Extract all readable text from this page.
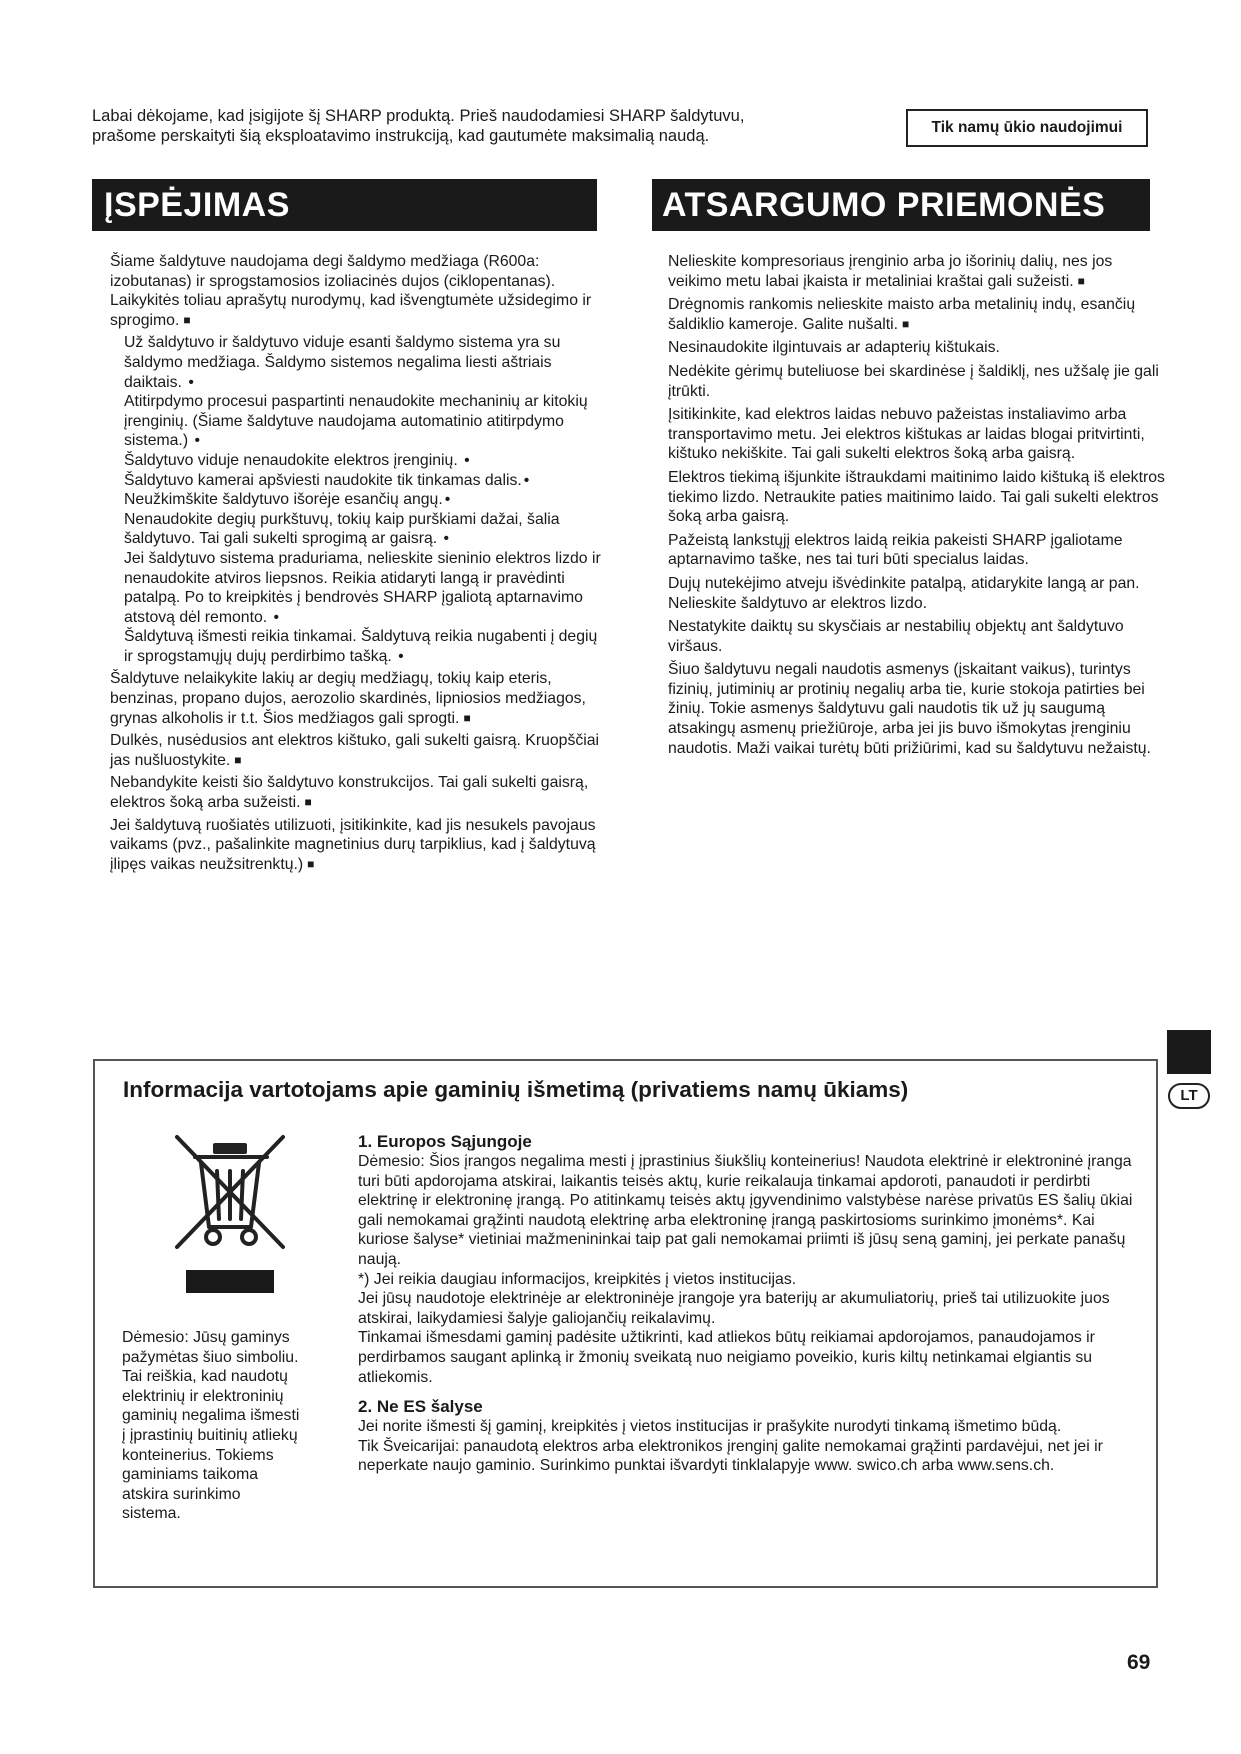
Labai dėkojame, kad įsigijote šį SHARP produktą. Prieš naudodamiesi SHARP šaldytuvu,
prašome perskaityti šią eksploatavimo instrukciją, kad gautumėte maksimalią naudą.	Tik namų ūkio naudojimui
ĮSPĖJIMAS	ATSARGUMO PRIEMONĖS
Šiame šaldytuve naudojama degi šaldymo medžiaga (R600a: izobutanas) ir sprogstamosios izoliacinės dujos (ciklopentanas). Laikykitės toliau aprašytų nurodymų, kad išvengtumėte užsidegimo ir sprogimo. ■
Už šaldytuvo ir šaldytuvo viduje esanti šaldymo sistema yra su šaldymo medžiaga. Šaldymo sistemos negalima liesti aštriais daiktais. •
Atitirpdymo procesui paspartinti nenaudokite mechaninių ar kitokių įrenginių. (Šiame šaldytuve naudojama automatinio atitirpdymo sistema.) •
Šaldytuvo viduje nenaudokite elektros įrenginių. •
Šaldytuvo kamerai apšviesti naudokite tik tinkamas dalis. •
Neužkimškite šaldytuvo išorėje esančių angų. •
Nenaudokite degių purkštuvų, tokių kaip purškiami dažai, šalia šaldytuvo. Tai gali sukelti sprogimą ar gaisrą. •
Jei šaldytuvo sistema praduriama, nelieskite sieninio elektros lizdo ir nenaudokite atviros liepsnos. Reikia atidaryti langą ir pravėdinti patalpą. Po to kreipkitės į bendrovės SHARP įgaliotą aptarnavimo atstovą dėl remonto. •
Šaldytuvą išmesti reikia tinkamai. Šaldytuvą reikia nugabenti į degių ir sprogstamųjų dujų perdirbimo tašką. •
Šaldytuve nelaikykite lakių ar degių medžiagų, tokių kaip eteris, benzinas, propano dujos, aerozolio skardinės, lipniosios medžiagos, grynas alkoholis ir t.t. Šios medžiagos gali sprogti. ■
Dulkės, nusėdusios ant elektros kištuko, gali sukelti gaisrą. Kruopščiai jas nušluostykite. ■
Nebandykite keisti šio šaldytuvo konstrukcijos. Tai gali sukelti gaisrą, elektros šoką arba sužeisti. ■
Jei šaldytuvą ruošiatės utilizuoti, įsitikinkite, kad jis nesukels pavojaus vaikams (pvz., pašalinkite magnetinius durų tarpiklius, kad į šaldytuvą įlipęs vaikas neužsitrenktų.) ■
Nelieskite kompresoriaus įrenginio arba jo išorinių dalių, nes jos veikimo metu labai įkaista ir metaliniai kraštai gali sužeisti. ■
Drėgnomis rankomis nelieskite maisto arba metalinių indų, esančių šaldiklio kameroje. Galite nušalti. ■
Nesinaudokite ilgintuvais ar adapterių kištukais.
Nedėkite gėrimų buteliuose bei skardinėse į šaldiklį, nes užšalę jie gali įtrūkti.
Įsitikinkite, kad elektros laidas nebuvo pažeistas instaliavimo arba transportavimo metu. Jei elektros kištukas ar laidas blogai pritvirtinti, kištuko nekiškite. Tai gali sukelti elektros šoką arba gaisrą.
Elektros tiekimą išjunkite ištraukdami maitinimo laido kištuką iš elektros tiekimo lizdo. Netraukite paties maitinimo laido. Tai gali sukelti elektros šoką arba gaisrą.
Pažeistą lankstųjį elektros laidą reikia pakeisti SHARP įgaliotame aptarnavimo taške, nes tai turi būti specialus laidas.
Dujų nutekėjimo atveju išvėdinkite patalpą, atidarykite langą ar pan. Nelieskite šaldytuvo ar elektros lizdo.
Nestatykite daiktų su skysčiais ar nestabilių objektų ant šaldytuvo viršaus.
Šiuo šaldytuvu negali naudotis asmenys (įskaitant vaikus), turintys fizinių, jutiminių ar protinių negalių arba tie, kurie stokoja patirties bei žinių. Tokie asmenys šaldytuvu gali naudotis tik už jų saugumą atsakingų asmenų priežiūroje, arba jei jis buvo išmokytas įrenginiu naudotis. Maži vaikai turėtų būti prižiūrimi, kad su šaldytuvu nežaistų.
LT
Informacija vartotojams apie gaminių išmetimą (privatiems namų ūkiams)
Dėmesio: Jūsų gaminys pažymėtas šiuo simboliu. Tai reiškia, kad naudotų elektrinių ir elektroninių gaminių negalima išmesti į įprastinių buitinių atliekų konteinerius. Tokiems gaminiams taikoma atskira surinkimo sistema.
1. Europos Sąjungoje
Dėmesio: Šios įrangos negalima mesti į įprastinius šiukšlių konteinerius! Naudota elektrinė ir elektroninė įranga turi būti apdorojama atskirai, laikantis teisės aktų, kurie reikalauja tinkamai apdoroti, panaudoti ir perdirbti elektrinę ir elektroninę įrangą. Po atitinkamų teisės aktų įgyvendinimo valstybėse narėse privatūs ES šalių ūkiai gali nemokamai grąžinti naudotą elektrinę arba elektroninę įrangą paskirtosioms surinkimo įmonėms*. Kai kuriose šalyse* vietiniai mažmenininkai taip pat gali nemokamai priimti iš jūsų seną gaminį, jei perkate panašų naują.
*) Jei reikia daugiau informacijos, kreipkitės į vietos institucijas.
Jei jūsų naudotoje elektrinėje ar elektroninėje įrangoje yra baterijų ar akumuliatorių, prieš tai utilizuokite juos atskirai, laikydamiesi šalyje galiojančių reikalavimų.
Tinkamai išmesdami gaminį padėsite užtikrinti, kad atliekos būtų reikiamai apdorojamos, panaudojamos ir perdirbamos saugant aplinką ir žmonių sveikatą nuo neigiamo poveikio, kuris kiltų netinkamai elgiantis su atliekomis.
2. Ne ES šalyse
Jei norite išmesti šį gaminį, kreipkitės į vietos institucijas ir prašykite nurodyti tinkamą išmetimo būdą.
Tik Šveicarijai: panaudotą elektros arba elektronikos įrenginį galite nemokamai grąžinti pardavėjui, net jei ir neperkate naujo gaminio. Surinkimo punktai išvardyti tinklalapyje www. swico.ch arba www.sens.ch.
69
